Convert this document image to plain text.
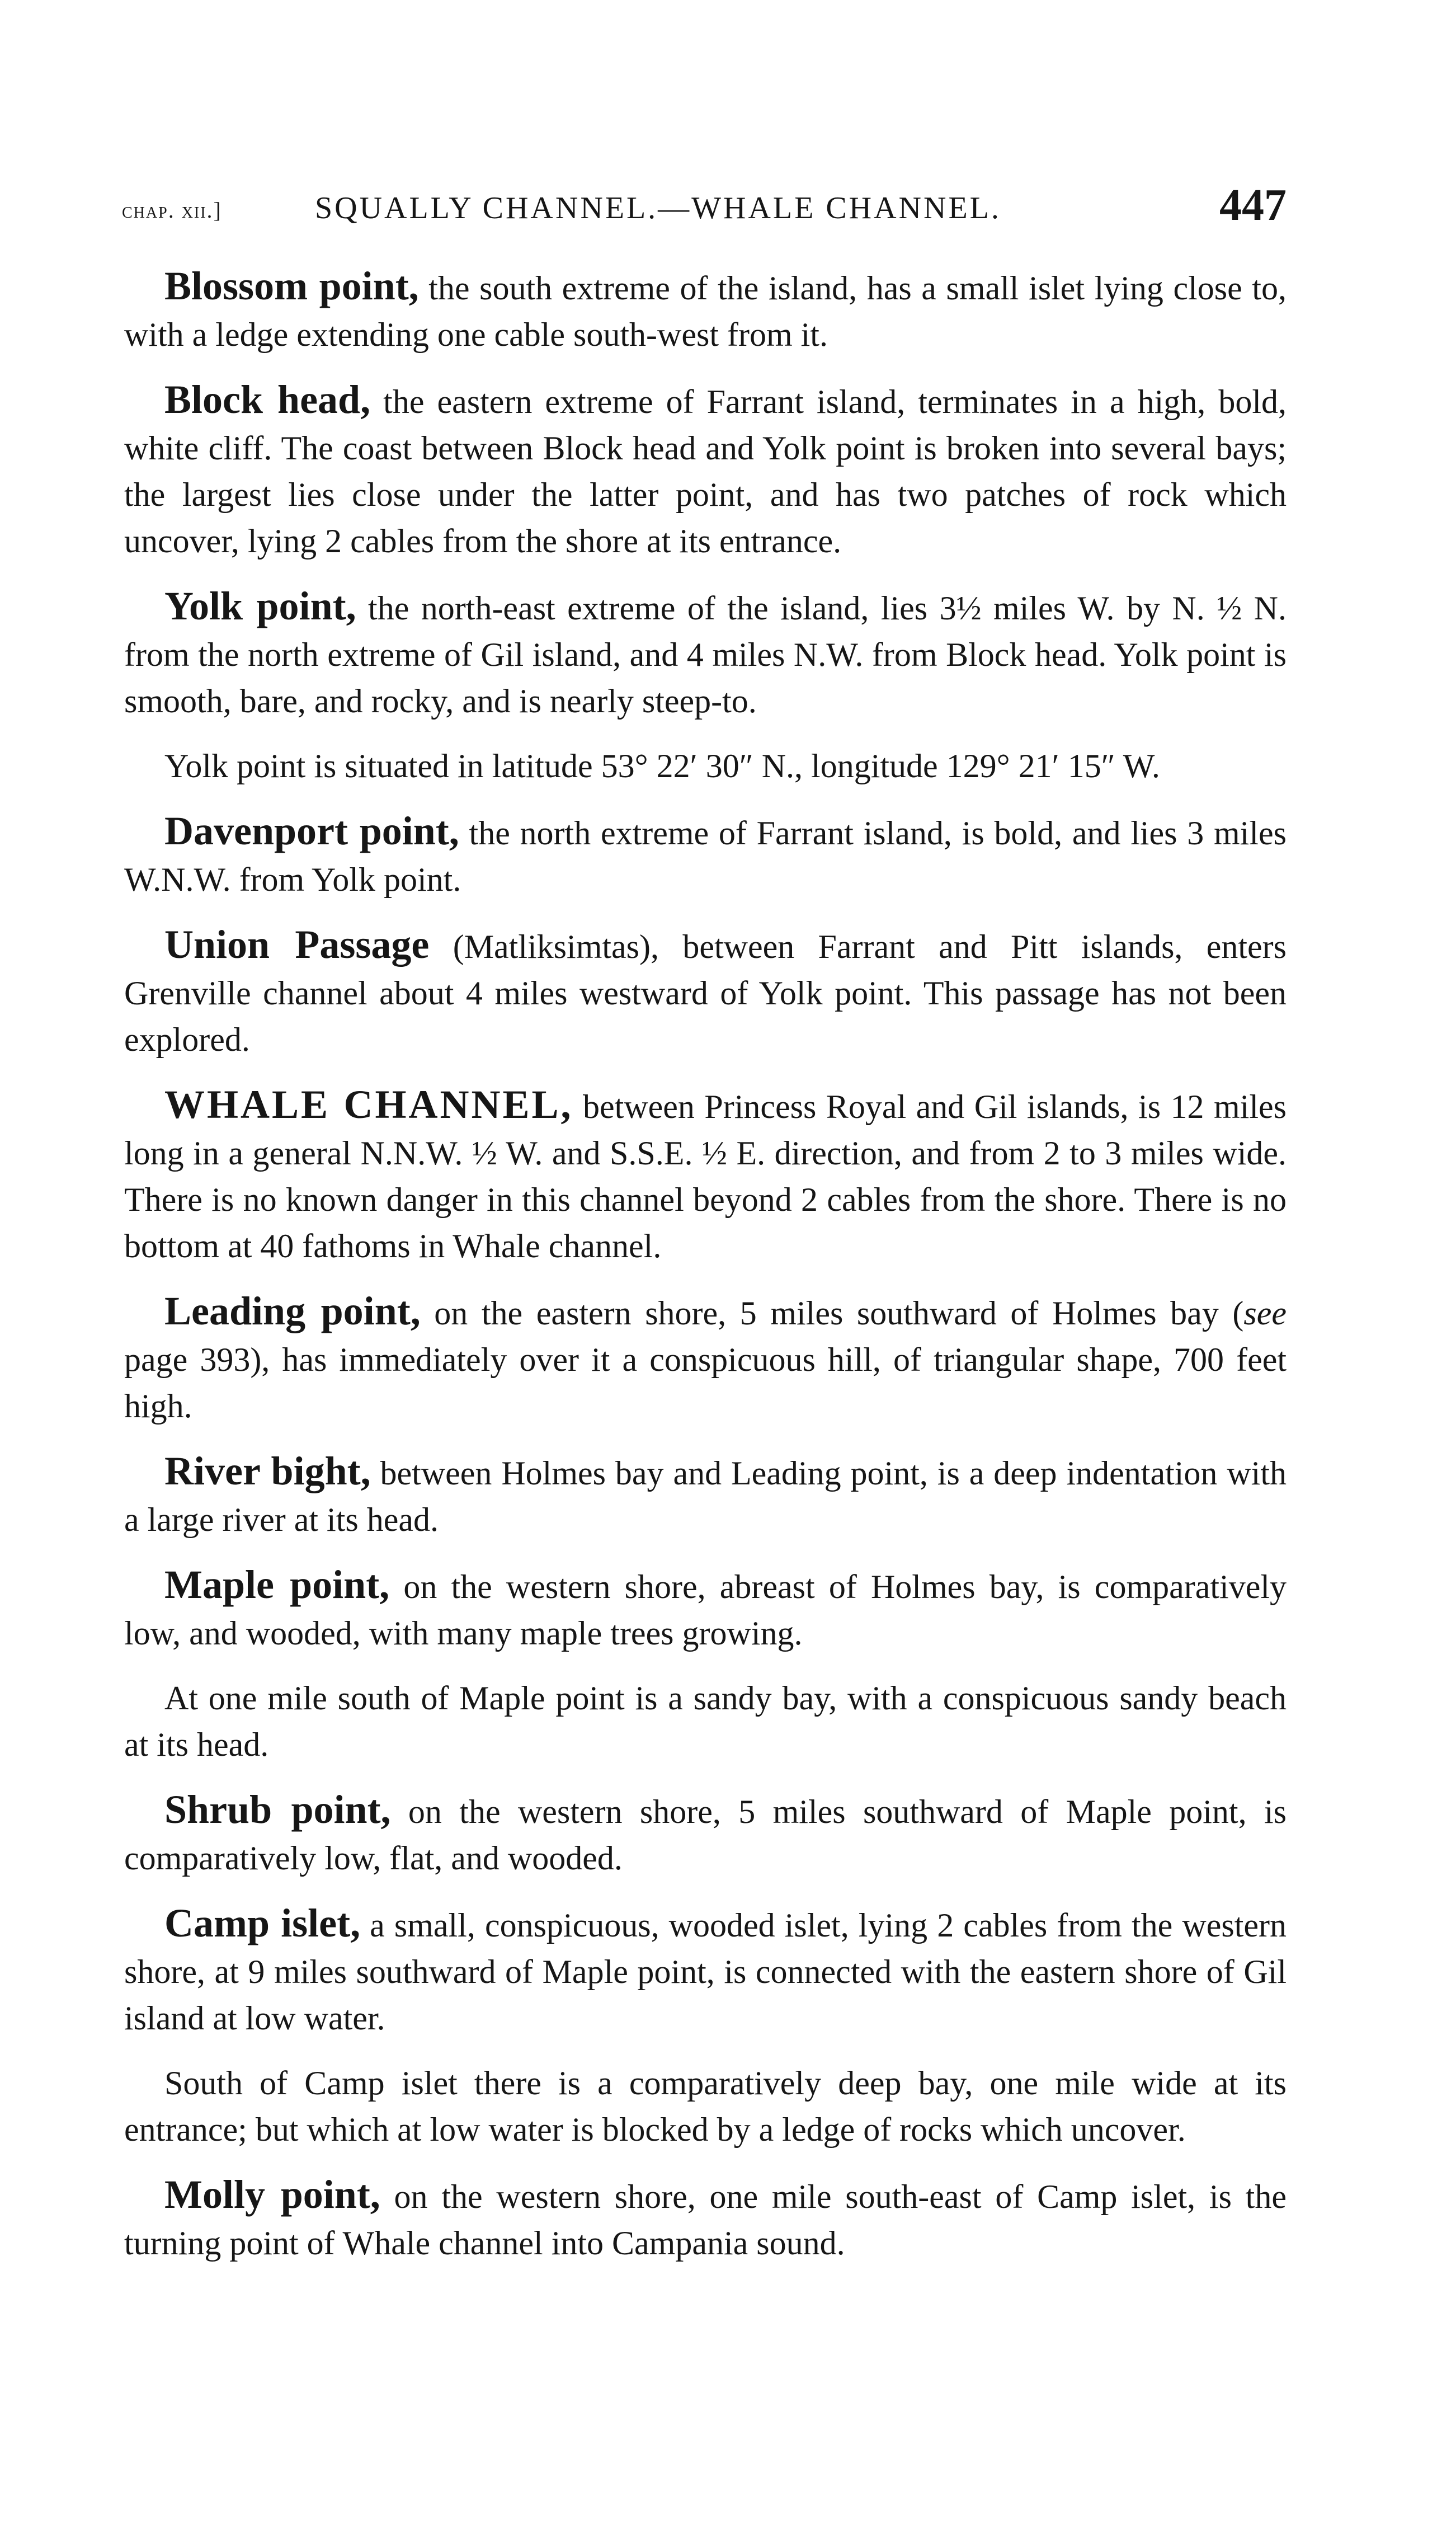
chap. xii.]	SQUALLY CHANNEL.—WHALE CHANNEL.	447

Blossom point, the south extreme of the island, has a small islet lying close to, with a ledge extending one cable south-west from it.

Block head, the eastern extreme of Farrant island, terminates in a high, bold, white cliff. The coast between Block head and Yolk point is broken into several bays; the largest lies close under the latter point, and has two patches of rock which uncover, lying 2 cables from the shore at its entrance.

Yolk point, the north-east extreme of the island, lies 3½ miles W. by N. ½ N. from the north extreme of Gil island, and 4 miles N.W. from Block head. Yolk point is smooth, bare, and rocky, and is nearly steep-to.

Yolk point is situated in latitude 53° 22′ 30″ N., longitude 129° 21′ 15″ W.

Davenport point, the north extreme of Farrant island, is bold, and lies 3 miles W.N.W. from Yolk point.

Union Passage (Matliksimtas), between Farrant and Pitt islands, enters Grenville channel about 4 miles westward of Yolk point. This passage has not been explored.

WHALE CHANNEL, between Princess Royal and Gil islands, is 12 miles long in a general N.N.W. ½ W. and S.S.E. ½ E. direction, and from 2 to 3 miles wide. There is no known danger in this channel beyond 2 cables from the shore. There is no bottom at 40 fathoms in Whale channel.

Leading point, on the eastern shore, 5 miles southward of Holmes bay (see page 393), has immediately over it a conspicuous hill, of triangular shape, 700 feet high.

River bight, between Holmes bay and Leading point, is a deep indentation with a large river at its head.

Maple point, on the western shore, abreast of Holmes bay, is comparatively low, and wooded, with many maple trees growing.

At one mile south of Maple point is a sandy bay, with a conspicuous sandy beach at its head.

Shrub point, on the western shore, 5 miles southward of Maple point, is comparatively low, flat, and wooded.

Camp islet, a small, conspicuous, wooded islet, lying 2 cables from the western shore, at 9 miles southward of Maple point, is connected with the eastern shore of Gil island at low water.

South of Camp islet there is a comparatively deep bay, one mile wide at its entrance; but which at low water is blocked by a ledge of rocks which uncover.

Molly point, on the western shore, one mile south-east of Camp islet, is the turning point of Whale channel into Campania sound.
